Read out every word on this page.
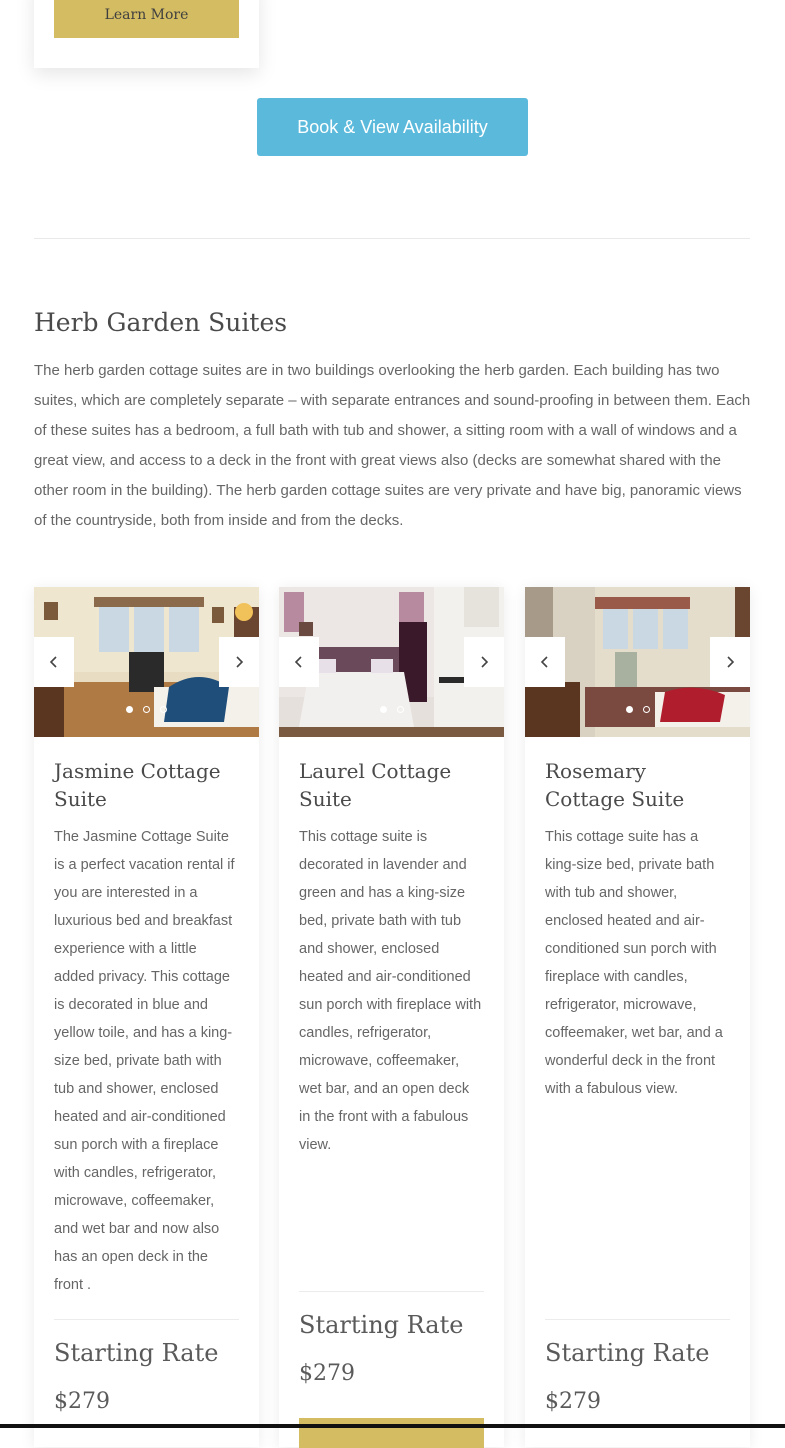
Learn More
Book & View Availability
Herb Garden Suites

The herb garden cottage suites are in two buildings overlooking the herb garden. Each building has two suites, which are completely separate – with separate entrances and sound-proofing in between them. Each of these suites has a bedroom, a full bath with tub and shower, a sitting room with a wall of windows and a great view, and access to a deck in the front with great views also (decks are somewhat shared with the other room in the building). The herb garden cottage suites are very private and have big, panoramic views of the countryside, both from inside and from the decks.

Jasmine Cottage Suite

The Jasmine Cottage Suite is a perfect vacation rental if you are interested in a luxurious bed and breakfast experience with a little added privacy. This cottage is decorated in blue and yellow toile, and has a king-size bed, private bath with tub and shower, enclosed heated and air-conditioned sun porch with a fireplace with candles, refrigerator, microwave, coffeemaker, and wet bar and now also has an open deck in the front .

Starting Rate

$279

Laurel Cottage Suite

This cottage suite is decorated in lavender and green and has a king-size bed, private bath with tub and shower, enclosed heated and air-conditioned sun porch with fireplace with candles, refrigerator, microwave, coffeemaker, wet bar, and an open deck in the front with a fabulous view.

Starting Rate

$279

Rosemary Cottage Suite

This cottage suite has a king-size bed, private bath with tub and shower, enclosed heated and air-conditioned sun porch with fireplace with candles, refrigerator, microwave, coffeemaker, wet bar, and a wonderful deck in the front with a fabulous view.

Starting Rate

$279
